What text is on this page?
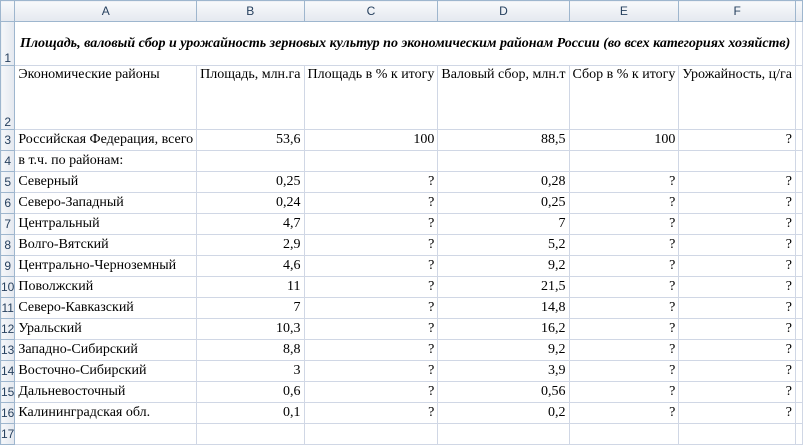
	A	B	C	D	E	F	
1	Площадь, валовый сбор и урожайность зерновых культур по экономическим районам России (во всех категориях хозяйств)						
2	Экономические районы	Площадь, млн.га	Площадь в % к итогу	Валовый сбор, млн.т	Сбор в % к итогу	Урожайность, ц/га	
3	Российская Федерация, всего	53,6	100	88,5	100	?	
4	в т.ч. по районам:						
5	Северный	0,25	?	0,28	?	?	
6	Северо-Западный	0,24	?	0,25	?	?	
7	Центральный	4,7	?	7	?	?	
8	Волго-Вятский	2,9	?	5,2	?	?	
9	Центрально-Черноземный	4,6	?	9,2	?	?	
10	Поволжский	11	?	21,5	?	?	
11	Северо-Кавказский	7	?	14,8	?	?	
12	Уральский	10,3	?	16,2	?	?	
13	Западно-Сибирский	8,8	?	9,2	?	?	
14	Восточно-Сибирский	3	?	3,9	?	?	
15	Дальневосточный	0,6	?	0,56	?	?	
16	Калининградская обл.	0,1	?	0,2	?	?	
17							
